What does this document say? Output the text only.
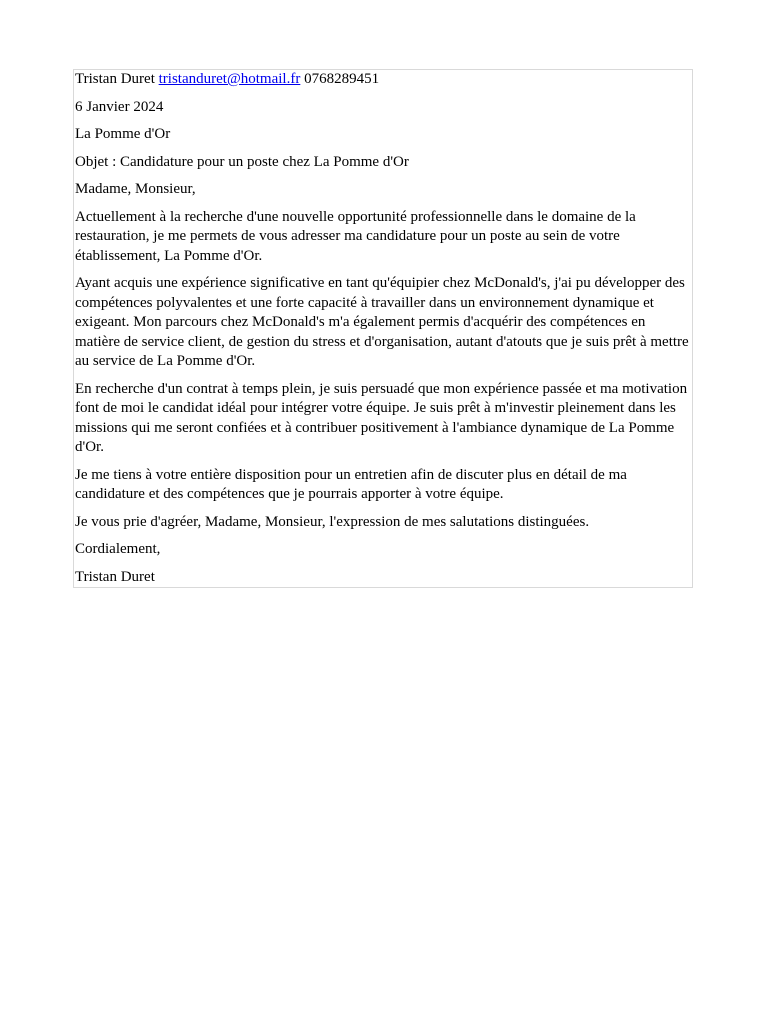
Tristan Duret tristanduret@hotmail.fr 0768289451

6 Janvier 2024

La Pomme d'Or

Objet : Candidature pour un poste chez La Pomme d'Or

Madame, Monsieur,

Actuellement à la recherche d'une nouvelle opportunité professionnelle dans le domaine de la restauration, je me permets de vous adresser ma candidature pour un poste au sein de votre établissement, La Pomme d'Or.

Ayant acquis une expérience significative en tant qu'équipier chez McDonald's, j'ai pu développer des compétences polyvalentes et une forte capacité à travailler dans un environnement dynamique et exigeant. Mon parcours chez McDonald's m'a également permis d'acquérir des compétences en matière de service client, de gestion du stress et d'organisation, autant d'atouts que je suis prêt à mettre au service de La Pomme d'Or.

En recherche d'un contrat à temps plein, je suis persuadé que mon expérience passée et ma motivation font de moi le candidat idéal pour intégrer votre équipe. Je suis prêt à m'investir pleinement dans les missions qui me seront confiées et à contribuer positivement à l'ambiance dynamique de La Pomme d'Or.

Je me tiens à votre entière disposition pour un entretien afin de discuter plus en détail de ma candidature et des compétences que je pourrais apporter à votre équipe.

Je vous prie d'agréer, Madame, Monsieur, l'expression de mes salutations distinguées.

Cordialement,

Tristan Duret
